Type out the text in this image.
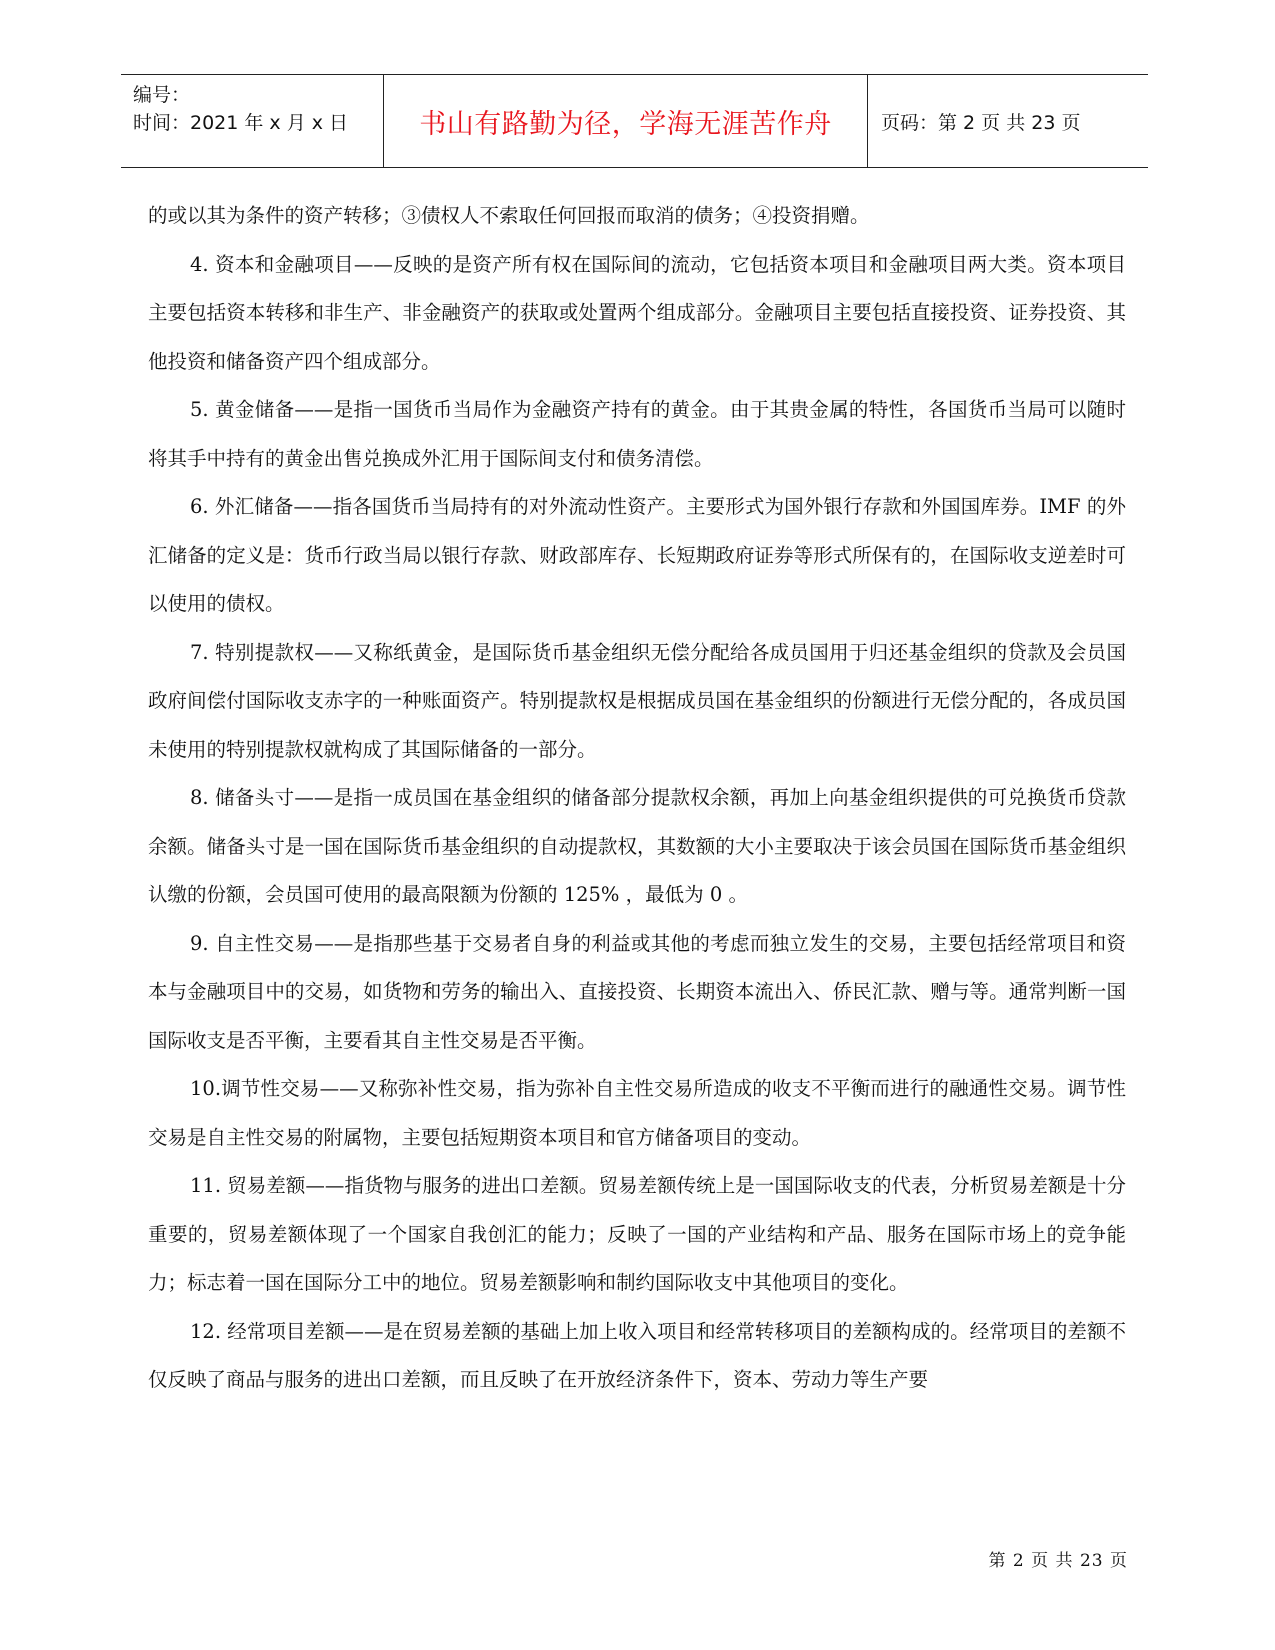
编号：
时间：2021 年 x 月 x 日	书山有路勤为径，学海无涯苦作舟	页码：第 2 页 共 23 页

的或以其为条件的资产转移；③债权人不索取任何回报而取消的债务；④投资捐赠。

4. 资本和金融项目——反映的是资产所有权在国际间的流动，它包括资本项目和金融项目两大类。资本项目主要包括资本转移和非生产、非金融资产的获取或处置两个组成部分。金融项目主要包括直接投资、证券投资、其他投资和储备资产四个组成部分。

5. 黄金储备——是指一国货币当局作为金融资产持有的黄金。由于其贵金属的特性，各国货币当局可以随时将其手中持有的黄金出售兑换成外汇用于国际间支付和债务清偿。

6. 外汇储备——指各国货币当局持有的对外流动性资产。主要形式为国外银行存款和外国国库券。IMF 的外汇储备的定义是：货币行政当局以银行存款、财政部库存、长短期政府证券等形式所保有的，在国际收支逆差时可以使用的债权。

7. 特别提款权——又称纸黄金，是国际货币基金组织无偿分配给各成员国用于归还基金组织的贷款及会员国政府间偿付国际收支赤字的一种账面资产。特别提款权是根据成员国在基金组织的份额进行无偿分配的，各成员国未使用的特别提款权就构成了其国际储备的一部分。

8. 储备头寸——是指一成员国在基金组织的储备部分提款权余额，再加上向基金组织提供的可兑换货币贷款余额。储备头寸是一国在国际货币基金组织的自动提款权，其数额的大小主要取决于该会员国在国际货币基金组织认缴的份额，会员国可使用的最高限额为份额的 125% ，最低为 0 。

9. 自主性交易——是指那些基于交易者自身的利益或其他的考虑而独立发生的交易，主要包括经常项目和资本与金融项目中的交易，如货物和劳务的输出入、直接投资、长期资本流出入、侨民汇款、赠与等。通常判断一国国际收支是否平衡，主要看其自主性交易是否平衡。

10.调节性交易——又称弥补性交易，指为弥补自主性交易所造成的收支不平衡而进行的融通性交易。调节性交易是自主性交易的附属物，主要包括短期资本项目和官方储备项目的变动。

11. 贸易差额——指货物与服务的进出口差额。贸易差额传统上是一国国际收支的代表，分析贸易差额是十分重要的，贸易差额体现了一个国家自我创汇的能力；反映了一国的产业结构和产品、服务在国际市场上的竞争能力；标志着一国在国际分工中的地位。贸易差额影响和制约国际收支中其他项目的变化。

12. 经常项目差额——是在贸易差额的基础上加上收入项目和经常转移项目的差额构成的。经常项目的差额不仅反映了商品与服务的进出口差额，而且反映了在开放经济条件下，资本、劳动力等生产要

第 2 页 共 23 页
